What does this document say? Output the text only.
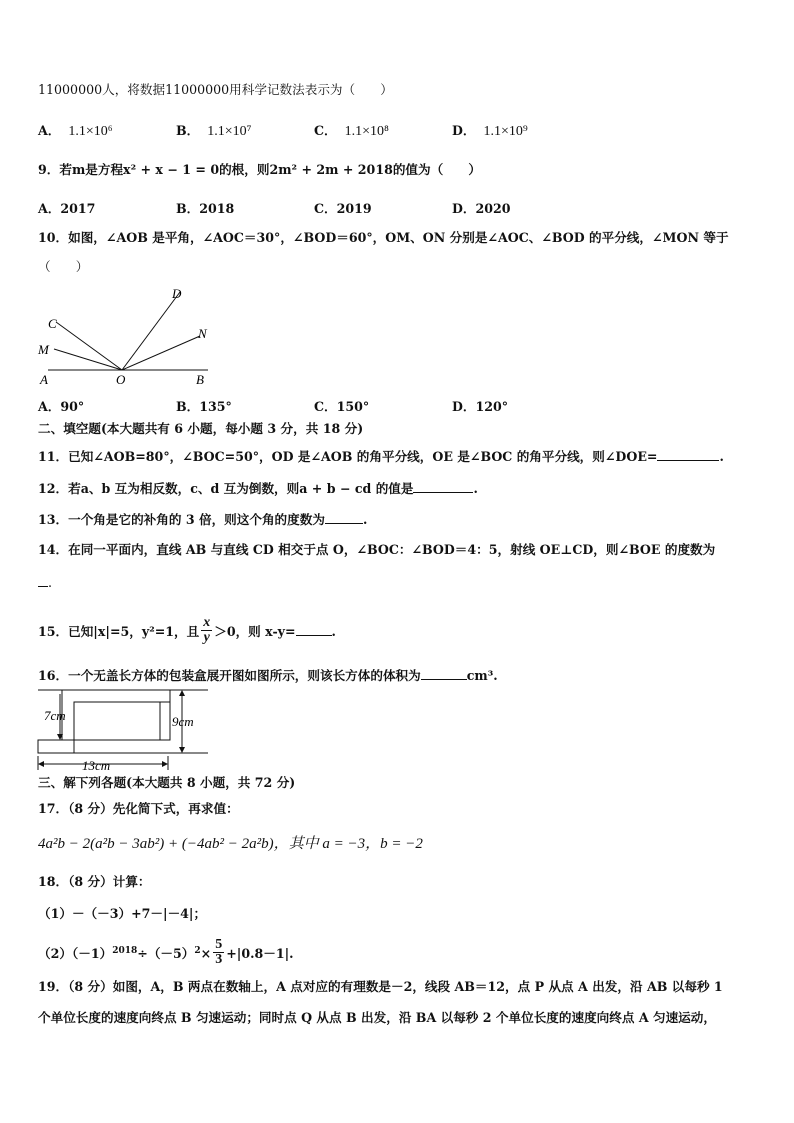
11000000人，将数据11000000用科学记数法表示为（　　）
A． 1.1×10⁶	B． 1.1×10⁷	C． 1.1×10⁸	D． 1.1×10⁹
9．若m是方程x² + x − 1 = 0的根，则2m² + 2m + 2018的值为（　　）
A．2017	B．2018	C．2019	D．2020
10．如图，∠AOB 是平角，∠AOC＝30°，∠BOD＝60°，OM、ON 分别是∠AOC、∠BOD 的平分线，∠MON 等于
（　　）
D
C
N
M
A	O	B
A．90°	B．135°	C．150°	D．120°
二、填空题(本大题共有 6 小题，每小题 3 分，共 18 分)
11．已知∠AOB=80°，∠BOC=50°，OD 是∠AOB 的角平分线，OE 是∠BOC 的角平分线，则∠DOE=	.
12．若a、b 互为相反数，c、d 互为倒数，则a + b − cd 的值是	.
13．一个角是它的补角的 3 倍，则这个角的度数为	.
14．在同一平面内，直线 AB 与直线 CD 相交于点 O，∠BOC：∠BOD＝4：5，射线 OE⊥CD，则∠BOE 的度数为
.
15．已知|x|=5，y²=1，且 $\frac{x}{y} >0$，则 x-y=	.
16．一个无盖长方体的包装盒展开图如图所示，则该长方体的体积为	cm³.
7cm	9cm
13cm
三、解下列各题(本大题共 8 小题，共 72 分)
17．（8 分）先化简下式，再求值：
4a²b − 2(a²b − 3ab²) + (−4ab² − 2a²b)，其中 a = −3，b = −2
18．（8 分）计算：
（1）－（－3）+7－|－4|；
$(2)(-1)^{2018}\div(-5)^2\times \frac{5}{3} +|0.8-1|$.
19．（8 分）如图，A，B 两点在数轴上，A 点对应的有理数是－2，线段 AB＝12，点 P 从点 A 出发，沿 AB 以每秒 1
个单位长度的速度向终点 B 匀速运动；同时点 Q 从点 B 出发，沿 BA 以每秒 2 个单位长度的速度向终点 A 匀速运动，
